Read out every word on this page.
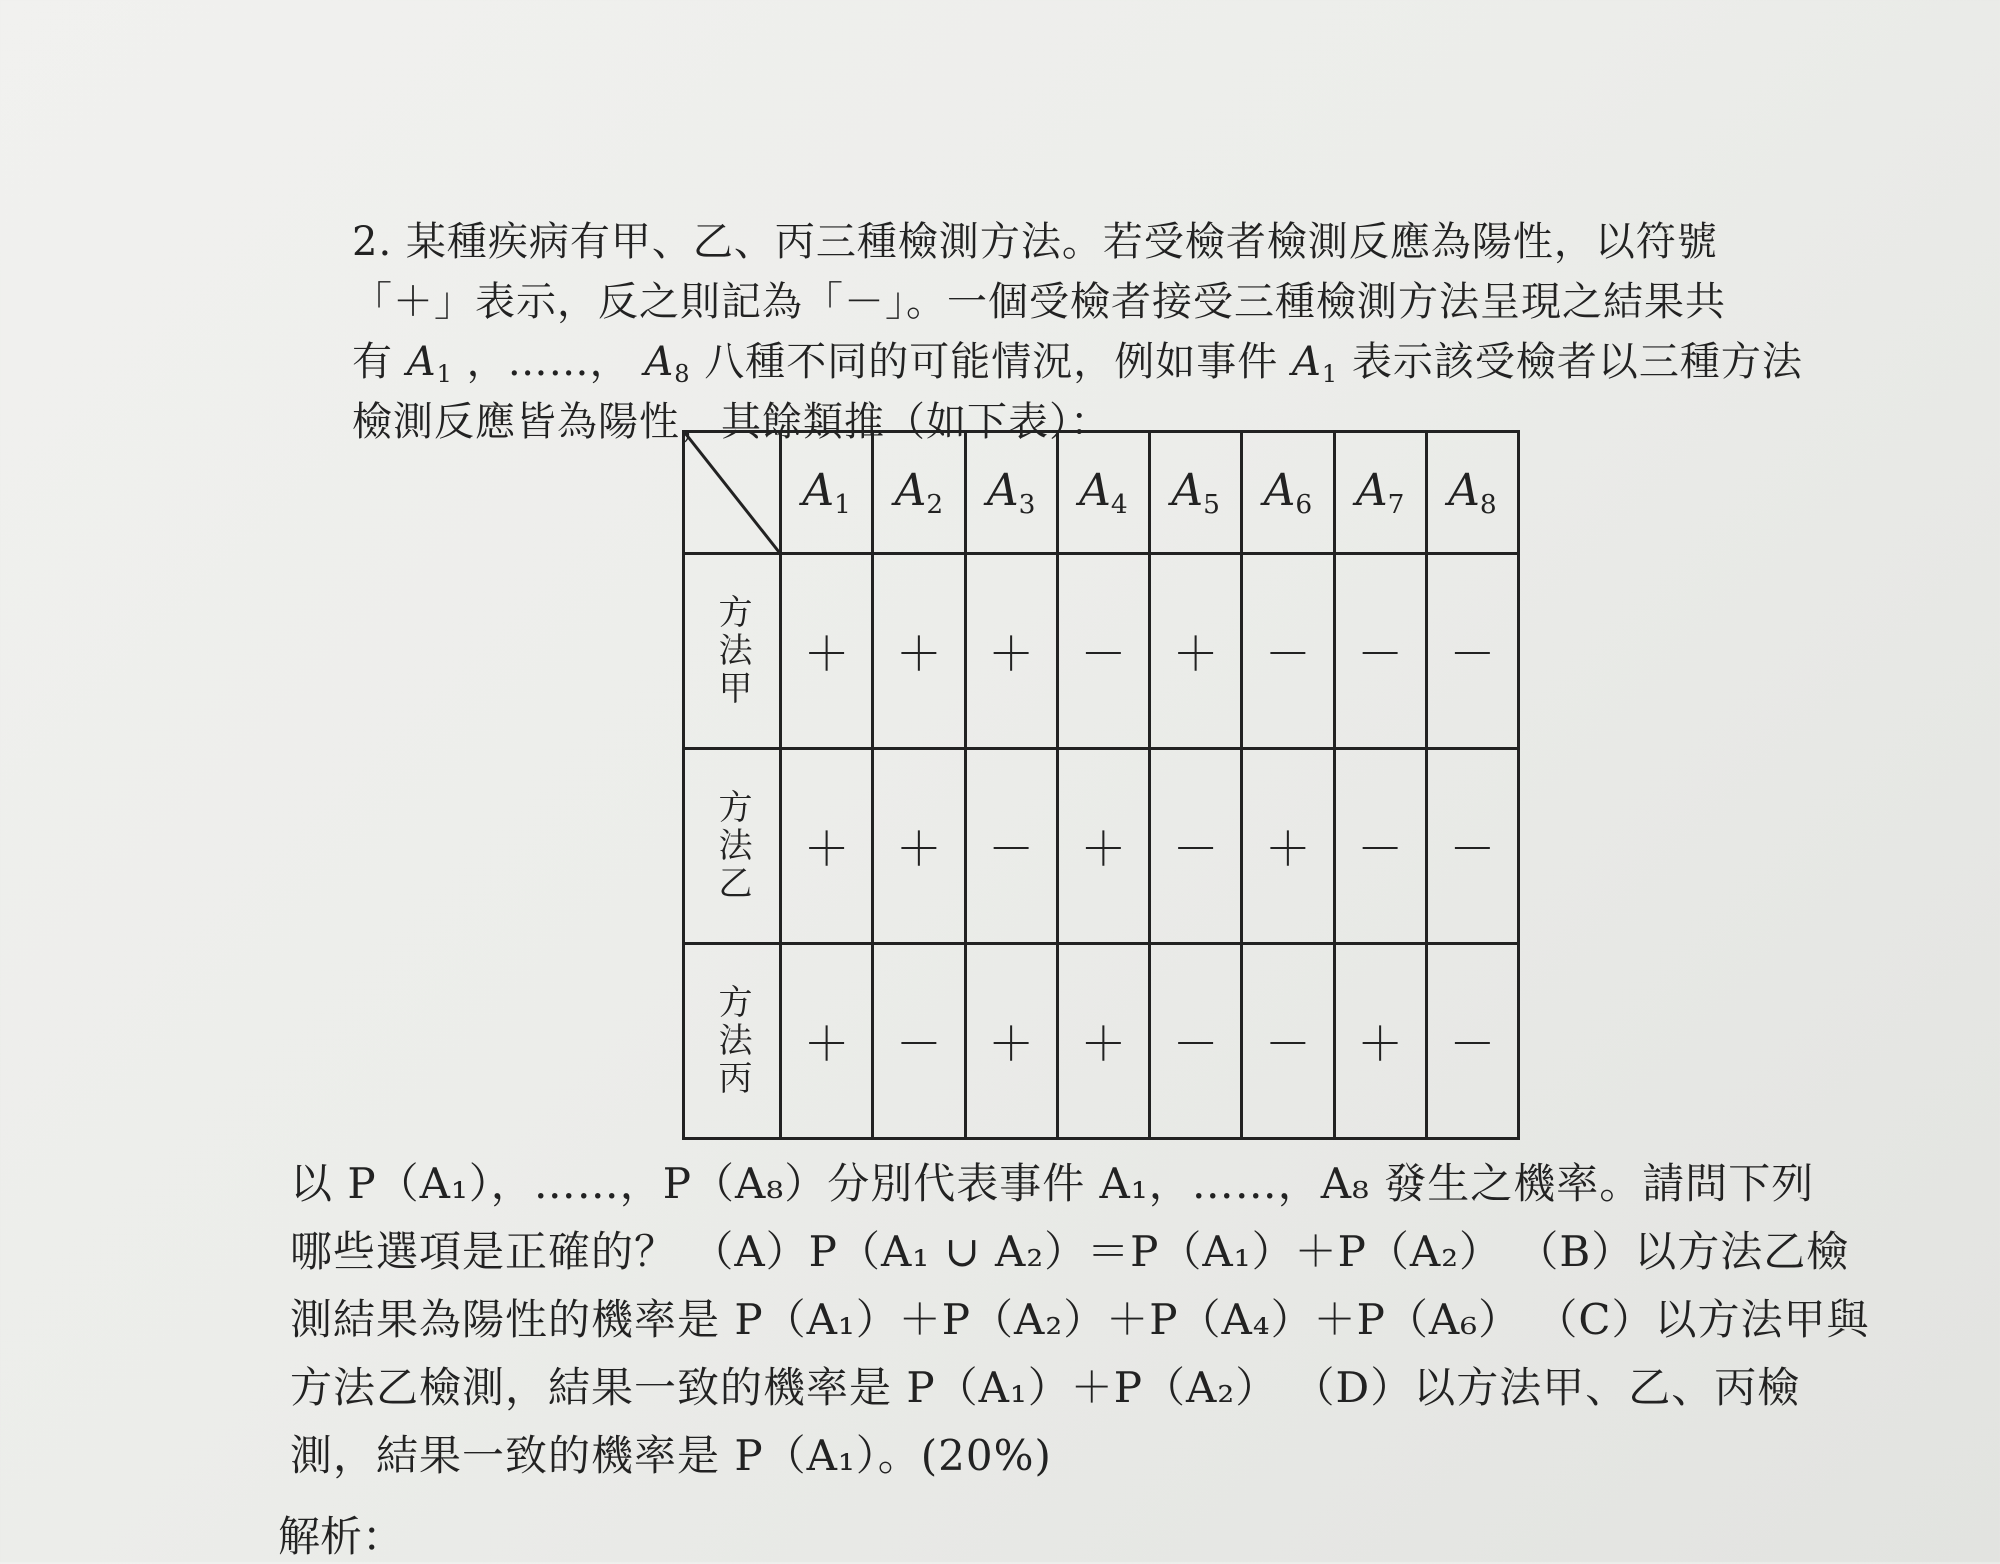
2. 某種疾病有甲、乙、丙三種檢測方法。若受檢者檢測反應為陽性，以符號
「＋」表示，反之則記為「－」。一個受檢者接受三種檢測方法呈現之結果共
有 $A_1$ ，……， $A_8$ 八種不同的可能情況，例如事件 $A_1$ 表示該受檢者以三種方法
檢測反應皆為陽性，其餘類推（如下表）：
	$A_1$	$A_2$	$A_3$	$A_4$	$A_5$	$A_6$	$A_7$	$A_8$
方法甲	＋	＋	＋	－	＋	－	－	－
方法乙	＋	＋	－	＋	－	＋	－	－
方法丙	＋	－	＋	＋	－	－	＋	－
以 P（A₁），……，P（A₈）分別代表事件 A₁，……，A₈ 發生之機率。請問下列
哪些選項是正確的？ （A）P（A₁ ∪ A₂）＝P（A₁）＋P（A₂） （B）以方法乙檢
測結果為陽性的機率是 P（A₁）＋P（A₂）＋P（A₄）＋P（A₆） （C）以方法甲與
方法乙檢測，結果一致的機率是 P（A₁）＋P（A₂） （D）以方法甲、乙、丙檢
測，結果一致的機率是 P（A₁）。(20%)
解析：
